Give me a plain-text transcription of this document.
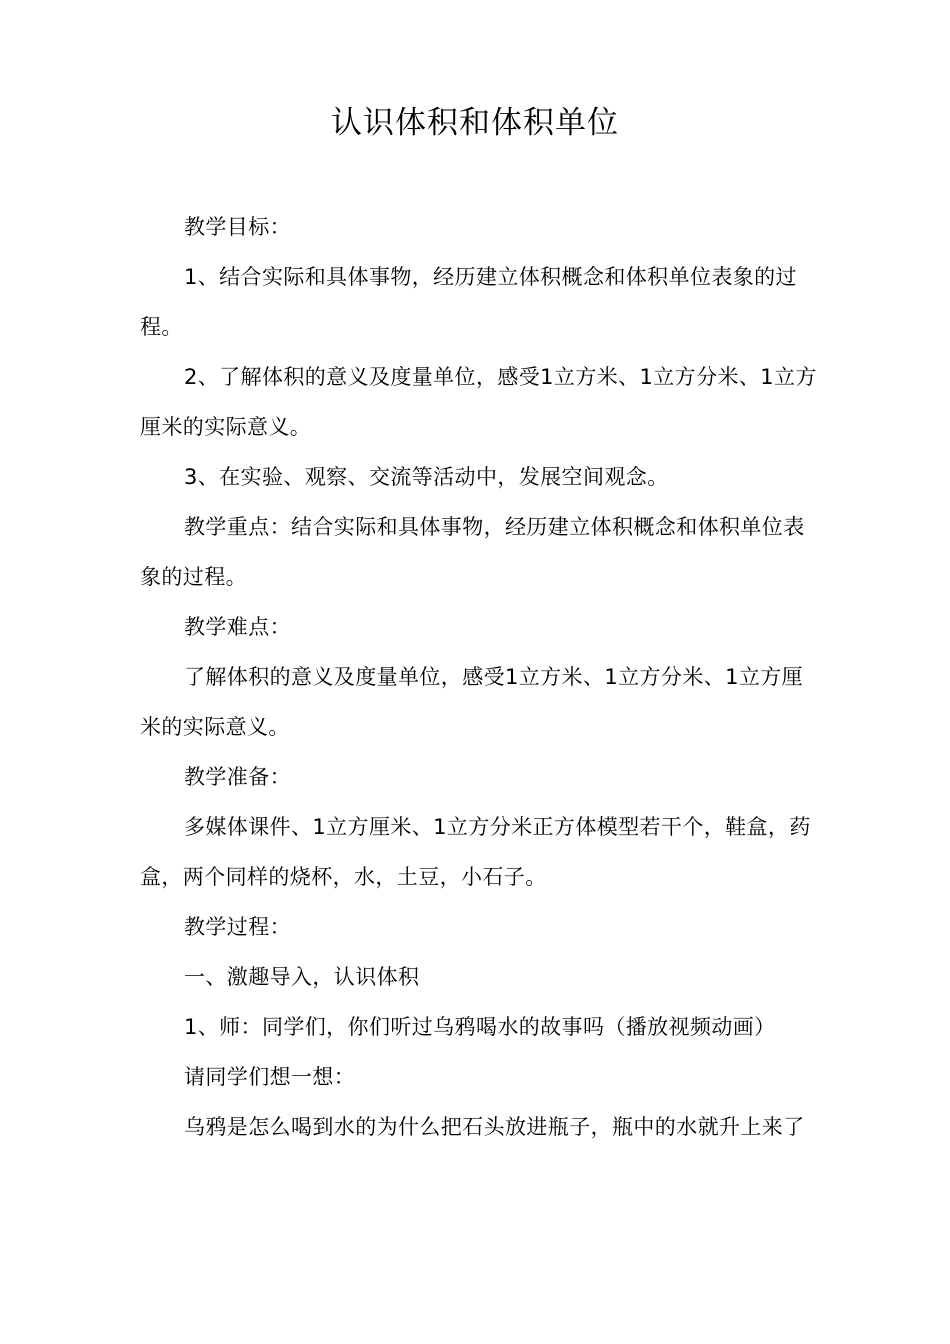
认识体积和体积单位

教学目标：

1、结合实际和具体事物，经历建立体积概念和体积单位表象的过程。

2、了解体积的意义及度量单位，感受1立方米、1立方分米、1立方厘米的实际意义。

3、在实验、观察、交流等活动中，发展空间观念。

教学重点：结合实际和具体事物，经历建立体积概念和体积单位表象的过程。

教学难点：

了解体积的意义及度量单位，感受1立方米、1立方分米、1立方厘米的实际意义。

教学准备：

多媒体课件、1立方厘米、1立方分米正方体模型若干个，鞋盒，药盒，两个同样的烧杯，水，土豆，小石子。

教学过程：

一、激趣导入，认识体积

1、师：同学们，你们听过乌鸦喝水的故事吗（播放视频动画）

请同学们想一想：

乌鸦是怎么喝到水的为什么把石头放进瓶子，瓶中的水就升上来了
